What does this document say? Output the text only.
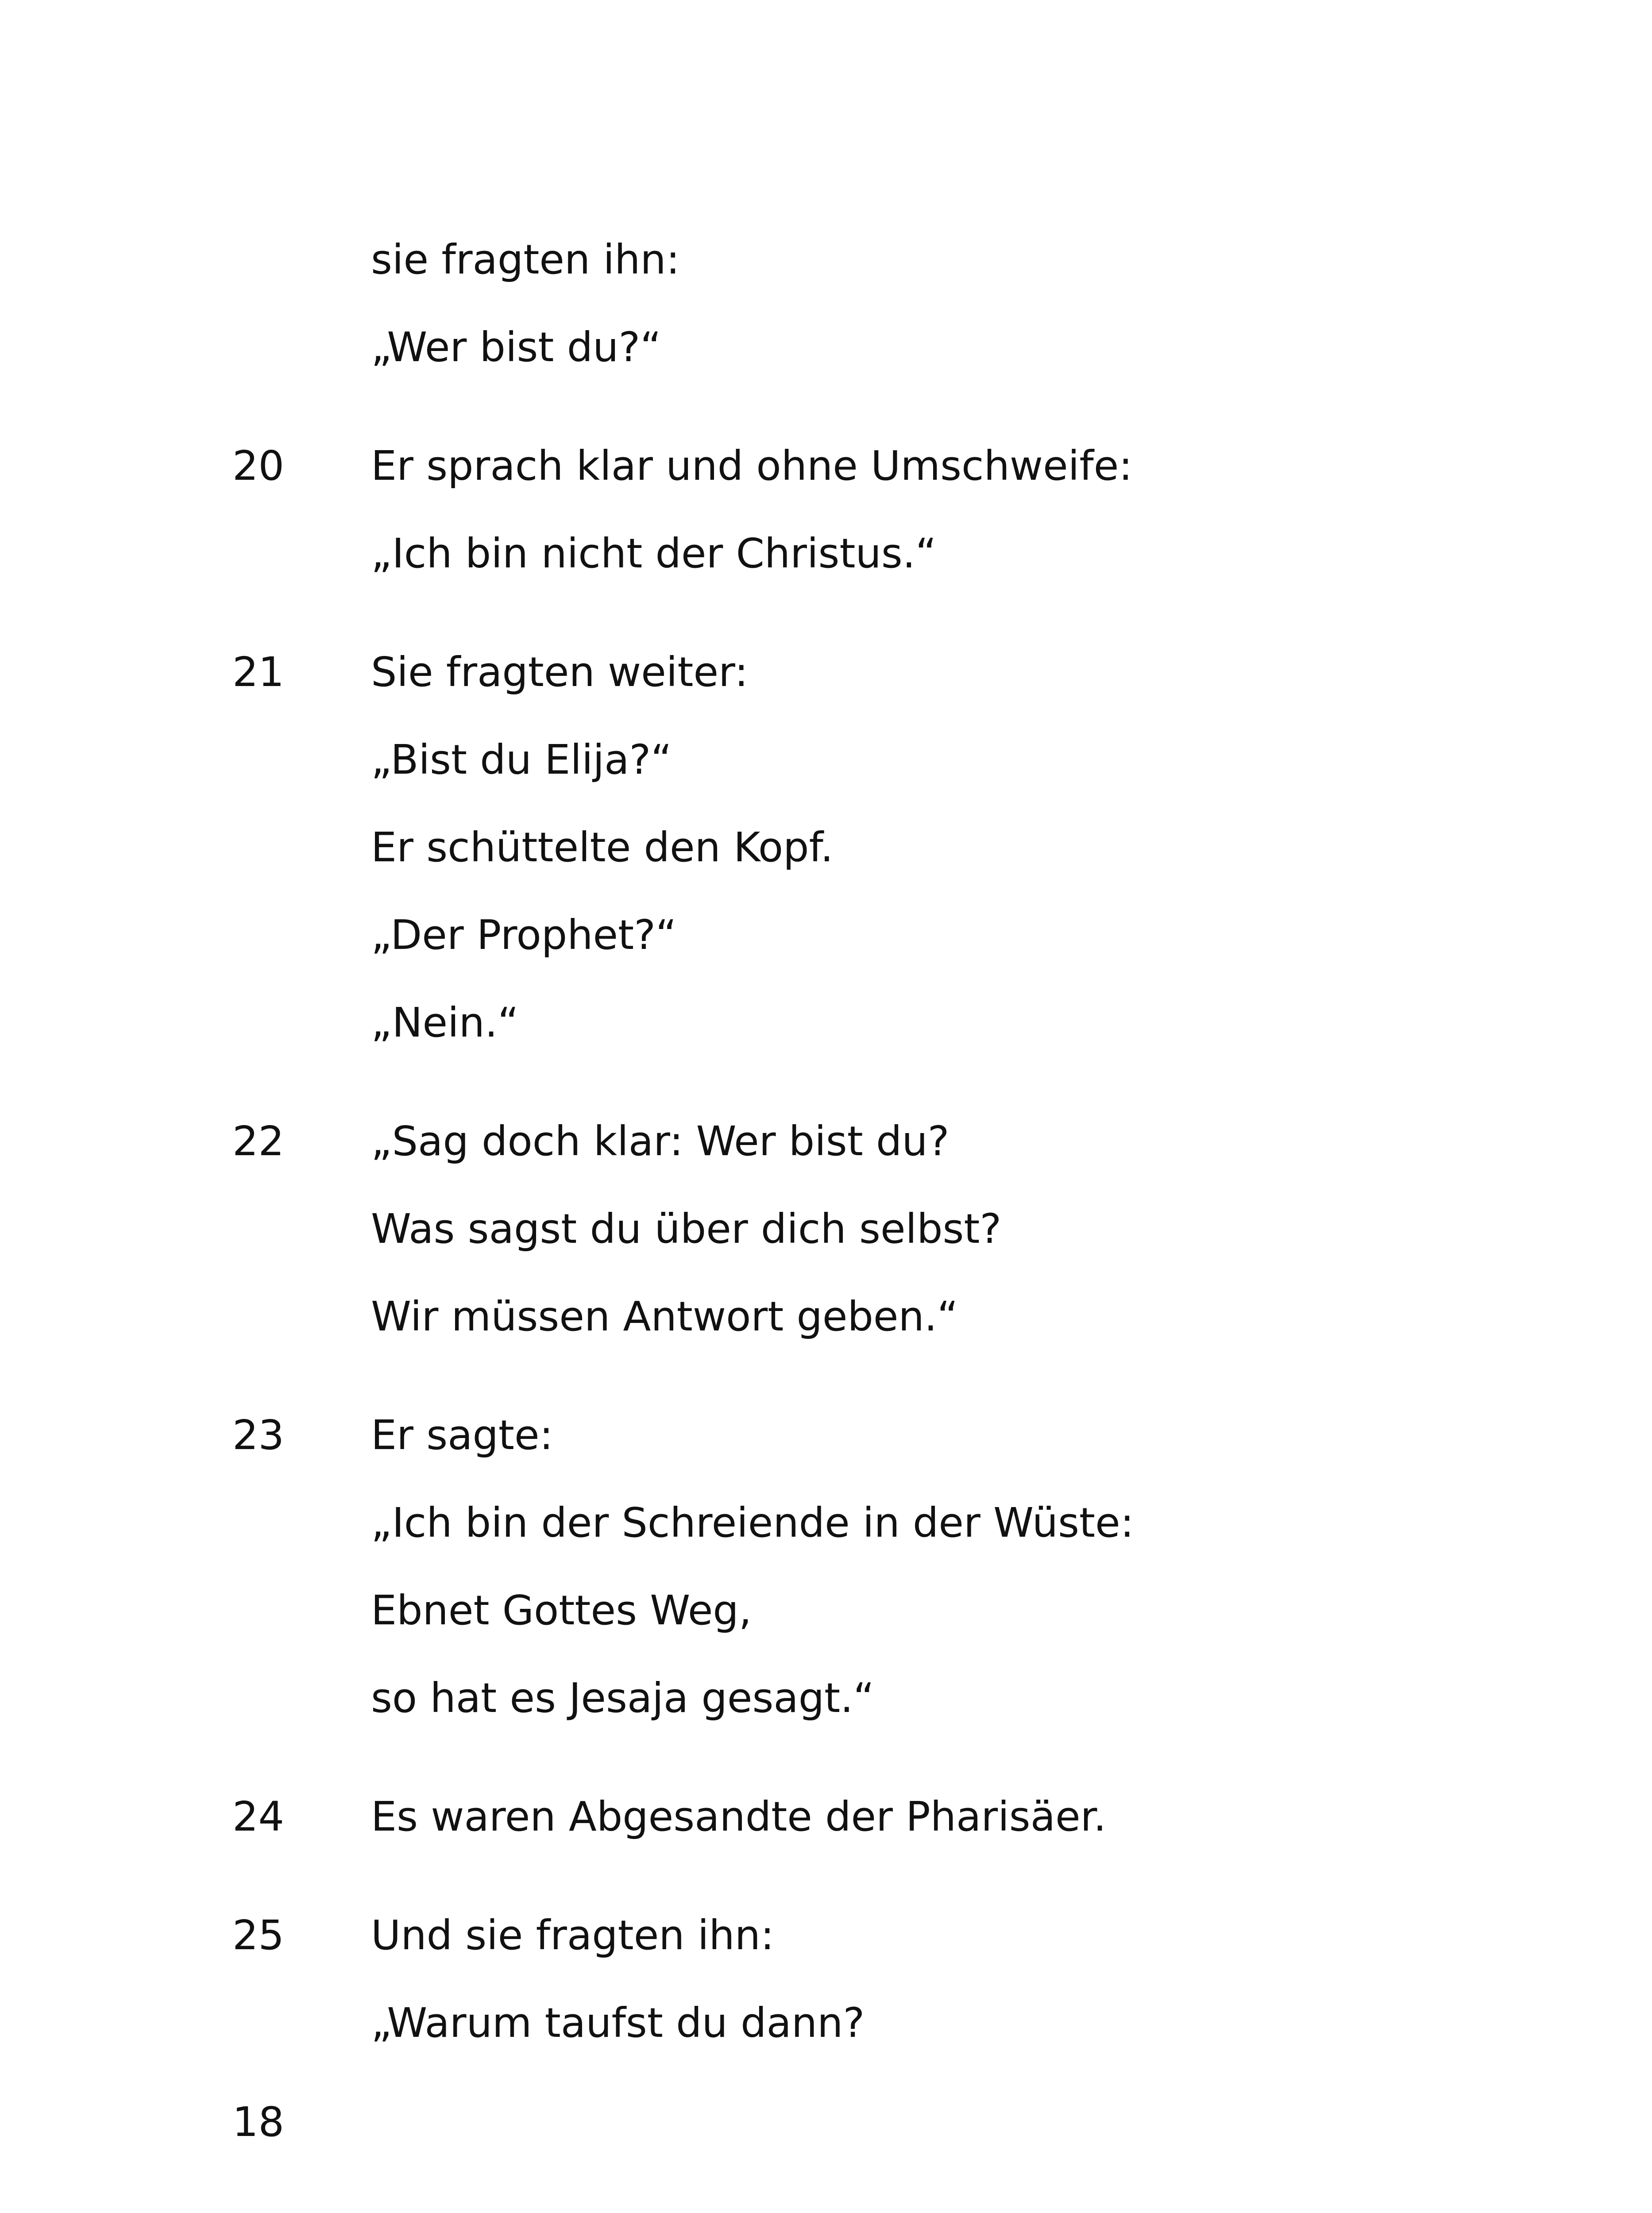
sie fragten ihn:
„Wer bist du?“
20 Er sprach klar und ohne Umschweife:
„Ich bin nicht der Christus.“
21 Sie fragten weiter:
„Bist du Elija?“
Er schüttelte den Kopf.
„Der Prophet?“
„Nein.“
22 „Sag doch klar: Wer bist du?
Was sagst du über dich selbst?
Wir müssen Antwort geben.“
23 Er sagte:
„Ich bin der Schreiende in der Wüste:
Ebnet Gottes Weg,
so hat es Jesaja gesagt.“
24 Es waren Abgesandte der Pharisäer.
25 Und sie fragten ihn:
„Warum taufst du dann?
18
